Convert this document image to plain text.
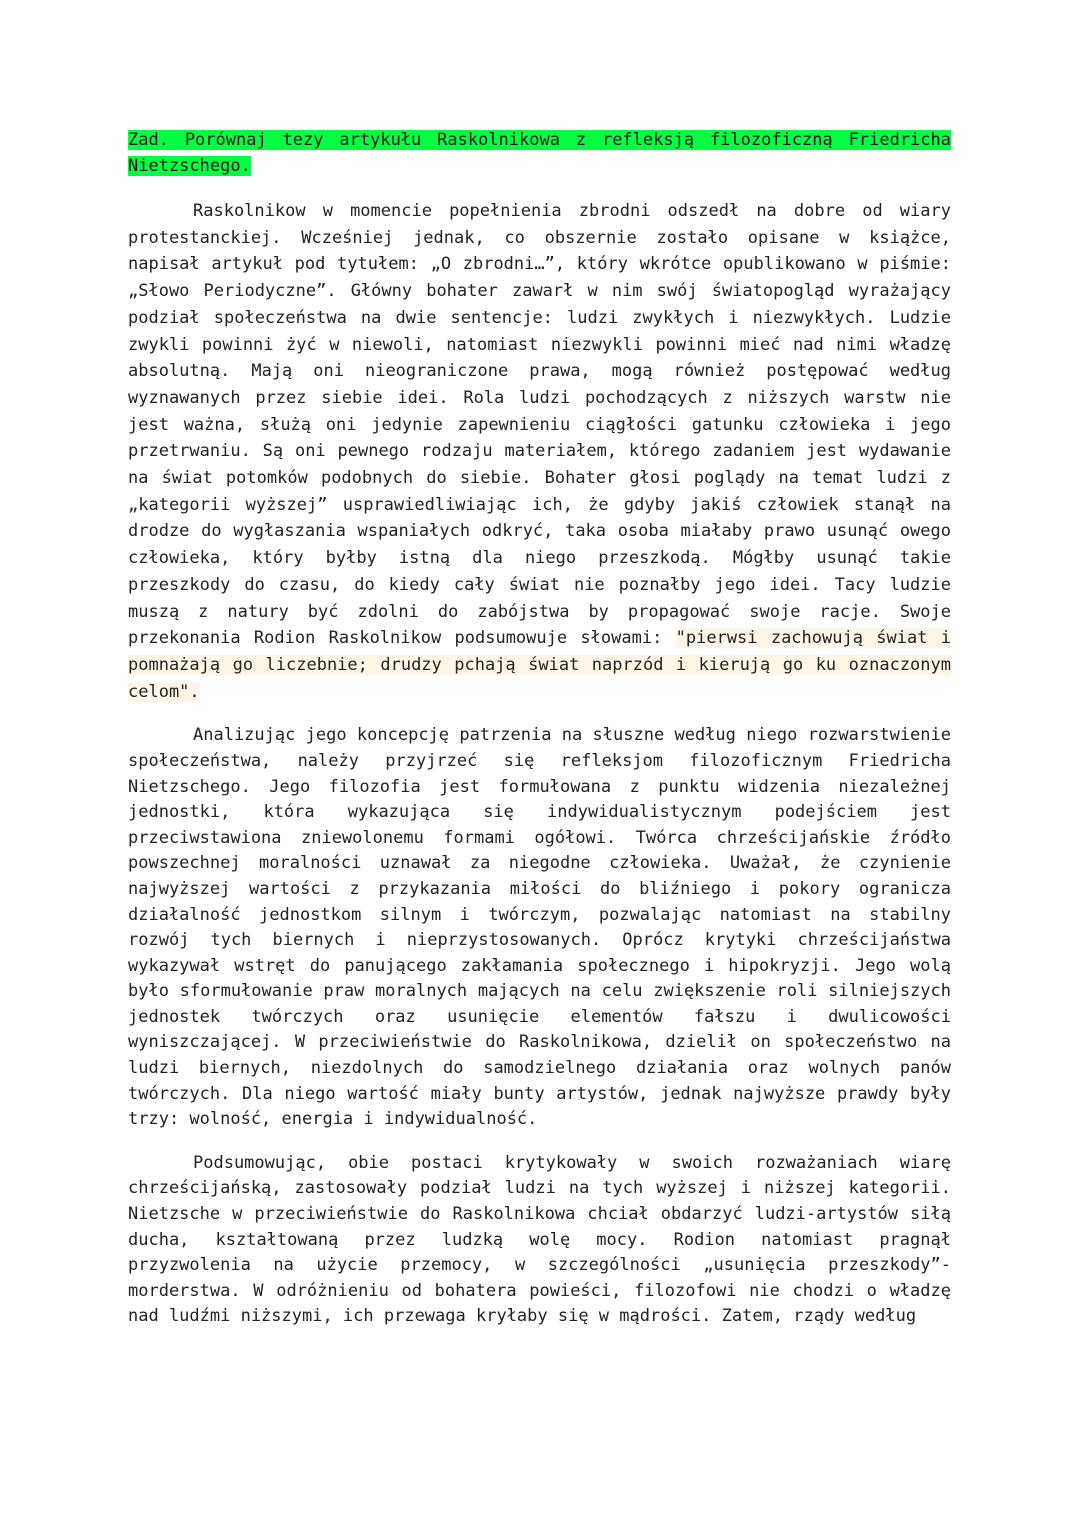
Zad. Porównaj tezy artykułu Raskolnikowa z refleksją filozoficzną Friedricha
Nietzschego.

Raskolnikow w momencie popełnienia zbrodni odszedł na dobre od wiary protestanckiej. Wcześniej jednak, co obszernie zostało opisane w książce, napisał artykuł pod tytułem: „O zbrodni…”, który wkrótce opublikowano w piśmie: „Słowo Periodyczne”. Główny bohater zawarł w nim swój światopogląd wyrażający podział społeczeństwa na dwie sentencje: ludzi zwykłych i niezwykłych. Ludzie zwykli powinni żyć w niewoli, natomiast niezwykli powinni mieć nad nimi władzę absolutną. Mają oni nieograniczone prawa, mogą również postępować według wyznawanych przez siebie idei. Rola ludzi pochodzących z niższych warstw nie jest ważna, służą oni jedynie zapewnieniu ciągłości gatunku człowieka i jego przetrwaniu. Są oni pewnego rodzaju materiałem, którego zadaniem jest wydawanie na świat potomków podobnych do siebie. Bohater głosi poglądy na temat ludzi z „kategorii wyższej” usprawiedliwiając ich, że gdyby jakiś człowiek stanął na drodze do wygłaszania wspaniałych odkryć, taka osoba miałaby prawo usunąć owego człowieka, który byłby istną dla niego przeszkodą. Mógłby usunąć takie przeszkody do czasu, do kiedy cały świat nie poznałby jego idei. Tacy ludzie muszą z natury być zdolni do zabójstwa by propagować swoje racje. Swoje przekonania Rodion Raskolnikow podsumowuje słowami: "pierwsi zachowują świat i pomnażają go liczebnie; drudzy pchają świat naprzód i kierują go ku oznaczonym celom".

Analizując jego koncepcję patrzenia na słuszne według niego rozwarstwienie społeczeństwa, należy przyjrzeć się refleksjom filozoficznym Friedricha Nietzschego. Jego filozofia jest formułowana z punktu widzenia niezależnej jednostki, która wykazująca się indywidualistycznym podejściem jest przeciwstawiona zniewolonemu formami ogółowi. Twórca chrześcijańskie źródło powszechnej moralności uznawał za niegodne człowieka. Uważał, że czynienie najwyższej wartości z przykazania miłości do bliźniego i pokory ogranicza działalność jednostkom silnym i twórczym, pozwalając natomiast na stabilny rozwój tych biernych i nieprzystosowanych. Oprócz krytyki chrześcijaństwa wykazywał wstręt do panującego zakłamania społecznego i hipokryzji. Jego wolą było sformułowanie praw moralnych mających na celu zwiększenie roli silniejszych jednostek twórczych oraz usunięcie elementów fałszu i dwulicowości wyniszczającej. W przeciwieństwie do Raskolnikowa, dzielił on społeczeństwo na ludzi biernych, niezdolnych do samodzielnego działania oraz wolnych panów twórczych. Dla niego wartość miały bunty artystów, jednak najwyższe prawdy były trzy: wolność, energia i indywidualność.

Podsumowując, obie postaci krytykowały w swoich rozważaniach wiarę chrześcijańską, zastosowały podział ludzi na tych wyższej i niższej kategorii. Nietzsche w przeciwieństwie do Raskolnikowa chciał obdarzyć ludzi-artystów siłą ducha, kształtowaną przez ludzką wolę mocy. Rodion natomiast pragnął przyzwolenia na użycie przemocy, w szczególności „usunięcia przeszkody”-morderstwa. W odróżnieniu od bohatera powieści, filozofowi nie chodzi o władzę nad ludźmi niższymi, ich przewaga kryłaby się w mądrości. Zatem, rządy według
